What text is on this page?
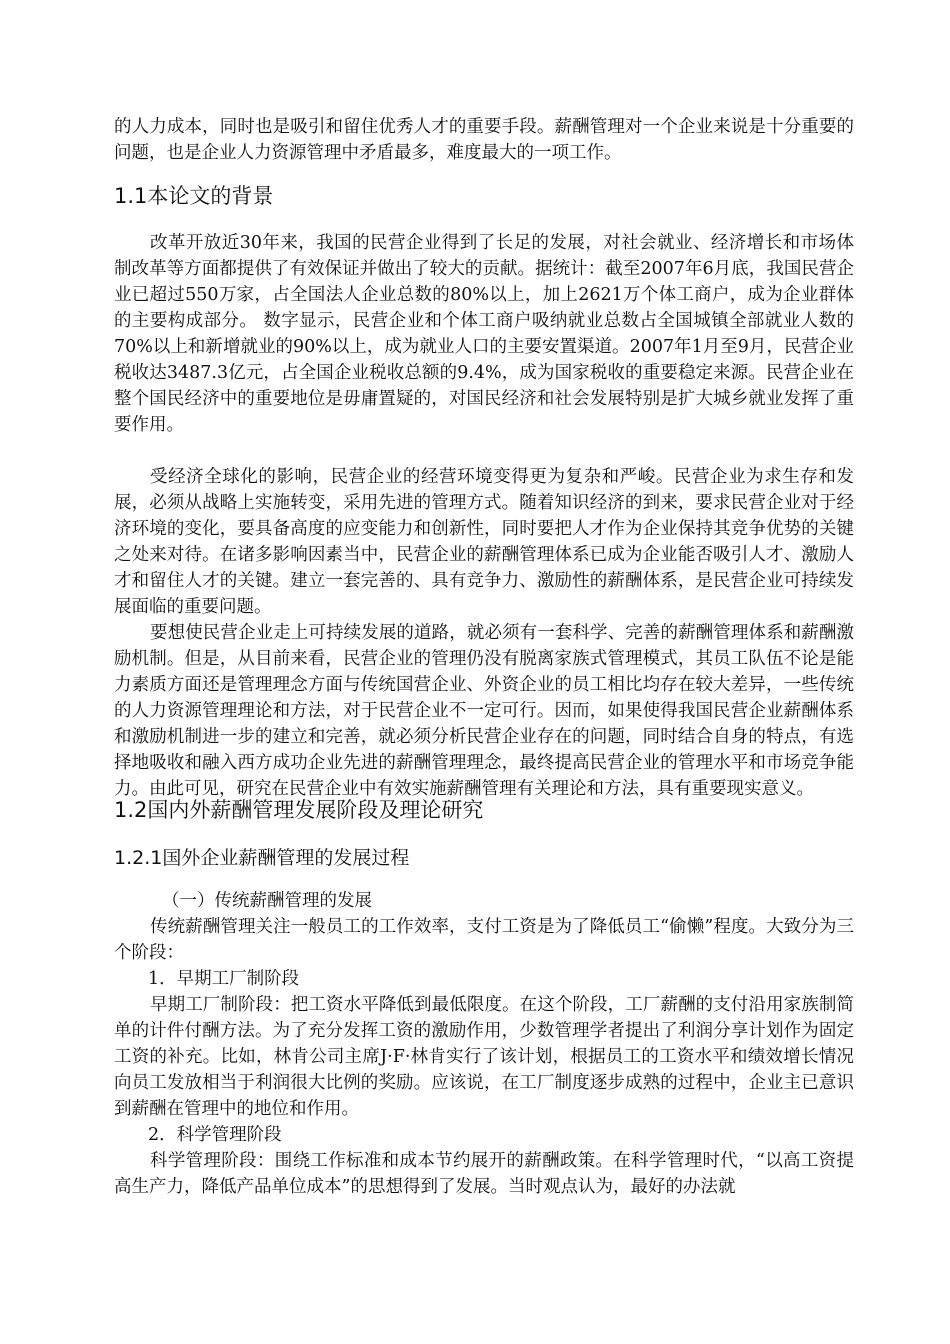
的人力成本，同时也是吸引和留住优秀人才的重要手段。薪酬管理对一个企业来说是十分重要的问题，也是企业人力资源管理中矛盾最多，难度最大的一项工作。

1.1本论文的背景

改革开放近30年来，我国的民营企业得到了长足的发展，对社会就业、经济增长和市场体制改革等方面都提供了有效保证并做出了较大的贡献。据统计：截至2007年6月底，我国民营企业已超过550万家，占全国法人企业总数的80%以上，加上2621万个体工商户，成为企业群体的主要构成部分。 数字显示，民营企业和个体工商户吸纳就业总数占全国城镇全部就业人数的70%以上和新增就业的90%以上，成为就业人口的主要安置渠道。2007年1月至9月，民营企业税收达3487.3亿元，占全国企业税收总额的9.4%，成为国家税收的重要稳定来源。民营企业在整个国民经济中的重要地位是毋庸置疑的，对国民经济和社会发展特别是扩大城乡就业发挥了重要作用。

受经济全球化的影响，民营企业的经营环境变得更为复杂和严峻。民营企业为求生存和发展，必须从战略上实施转变，采用先进的管理方式。随着知识经济的到来，要求民营企业对于经济环境的变化，要具备高度的应变能力和创新性，同时要把人才作为企业保持其竞争优势的关键之处来对待。在诸多影响因素当中，民营企业的薪酬管理体系已成为企业能否吸引人才、激励人才和留住人才的关键。建立一套完善的、具有竞争力、激励性的薪酬体系，是民营企业可持续发展面临的重要问题。

要想使民营企业走上可持续发展的道路，就必须有一套科学、完善的薪酬管理体系和薪酬激励机制。但是，从目前来看，民营企业的管理仍没有脱离家族式管理模式，其员工队伍不论是能力素质方面还是管理理念方面与传统国营企业、外资企业的员工相比均存在较大差异，一些传统的人力资源管理理论和方法，对于民营企业不一定可行。因而，如果使得我国民营企业薪酬体系和激励机制进一步的建立和完善，就必须分析民营企业存在的问题，同时结合自身的特点，有选择地吸收和融入西方成功企业先进的薪酬管理理念，最终提高民营企业的管理水平和市场竞争能力。由此可见，研究在民营企业中有效实施薪酬管理有关理论和方法，具有重要现实意义。

1.2国内外薪酬管理发展阶段及理论研究
1.2.1国外企业薪酬管理的发展过程
（一）传统薪酬管理的发展

传统薪酬管理关注一般员工的工作效率，支付工资是为了降低员工“偷懒”程度。大致分为三个阶段：

1．早期工厂制阶段

早期工厂制阶段：把工资水平降低到最低限度。在这个阶段，工厂薪酬的支付沿用家族制简单的计件付酬方法。为了充分发挥工资的激励作用，少数管理学者提出了利润分享计划作为固定工资的补充。比如，林肯公司主席J·F·林肯实行了该计划，根据员工的工资水平和绩效增长情况向员工发放相当于利润很大比例的奖励。应该说，在工厂制度逐步成熟的过程中，企业主已意识到薪酬在管理中的地位和作用。

2．科学管理阶段

科学管理阶段：围绕工作标准和成本节约展开的薪酬政策。在科学管理时代，“以高工资提高生产力，降低产品单位成本”的思想得到了发展。当时观点认为，最好的办法就
